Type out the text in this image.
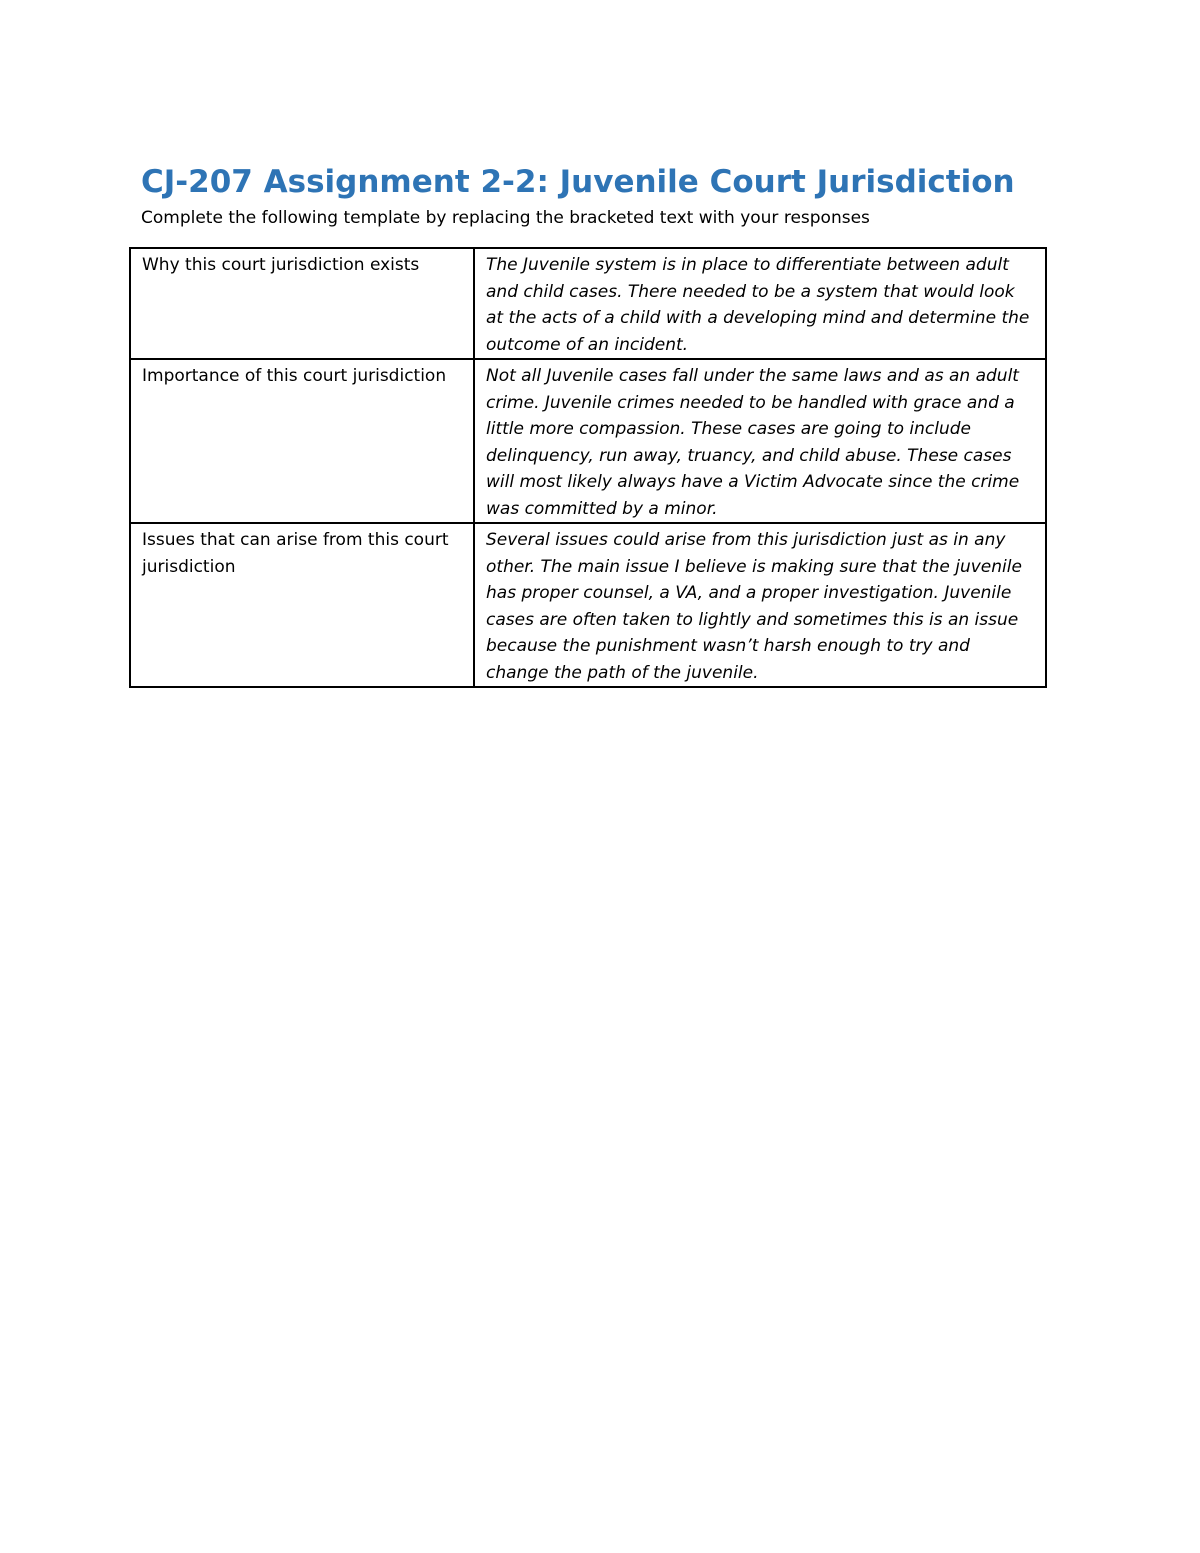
CJ-207 Assignment 2-2: Juvenile Court Jurisdiction

Complete the following template by replacing the bracketed text with your responses

Why this court jurisdiction exists	The Juvenile system is in place to differentiate between adult and child cases. There needed to be a system that would look at the acts of a child with a developing mind and determine the outcome of an incident.
Importance of this court jurisdiction	Not all Juvenile cases fall under the same laws and as an adult crime. Juvenile crimes needed to be handled with grace and a little more compassion. These cases are going to include delinquency, run away, truancy, and child abuse. These cases will most likely always have a Victim Advocate since the crime was committed by a minor.
Issues that can arise from this court jurisdiction	Several issues could arise from this jurisdiction just as in any other. The main issue I believe is making sure that the juvenile has proper counsel, a VA, and a proper investigation. Juvenile cases are often taken to lightly and sometimes this is an issue because the punishment wasn’t harsh enough to try and change the path of the juvenile.
